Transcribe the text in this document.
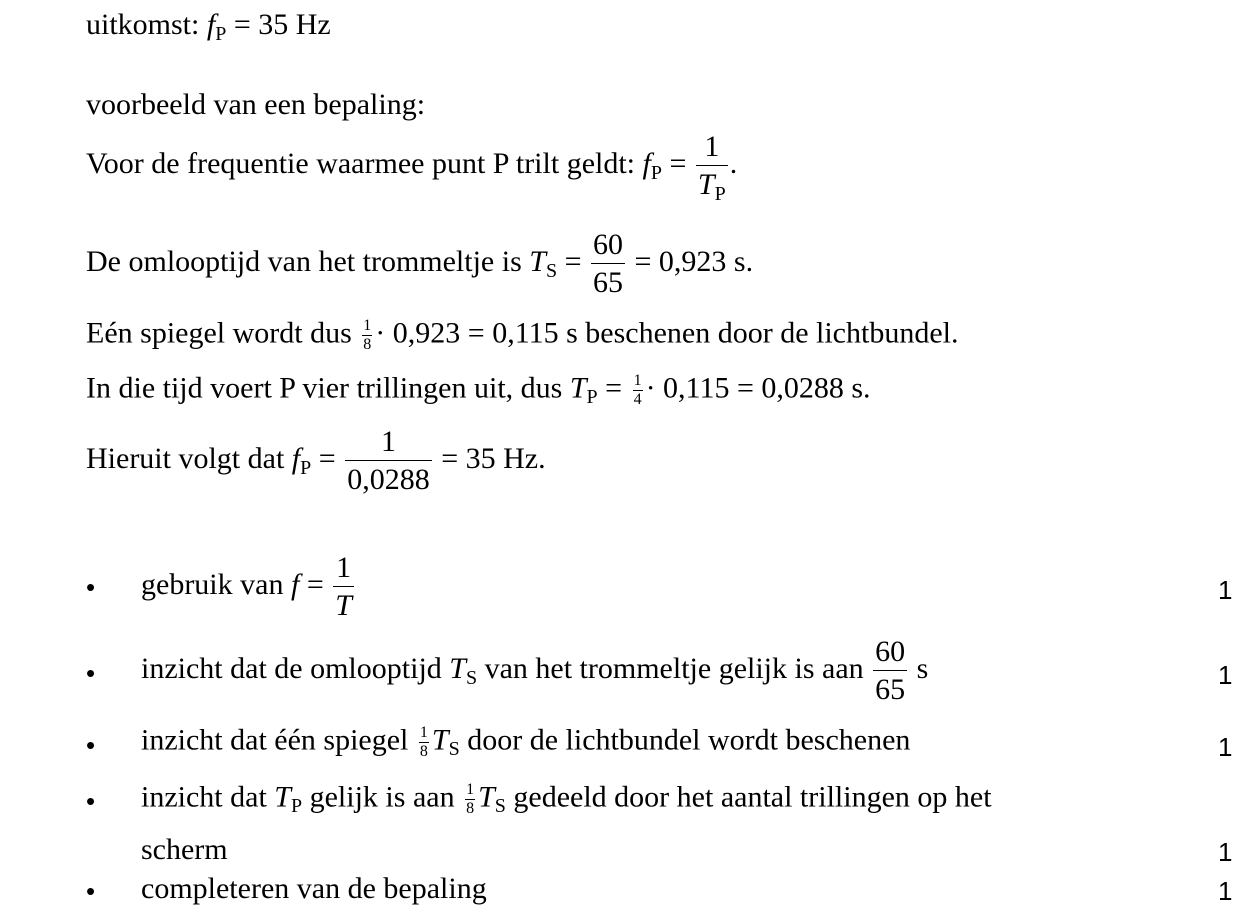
uitkomst: $f_P = 35$ Hz
voorbeeld van een bepaling:
Voor de frequentie waarmee punt P trilt geldt: $f_P = \frac{1}{T_P}$ .
De omlooptijd van het trommeltje is $T_S = \frac{60}{65} = 0,923$ s.
Eén spiegel wordt dus $\frac{1}{8} \cdot 0,923 = 0,115$ s beschenen door de lichtbundel.
In die tijd voert P vier trillingen uit, dus $T_P = \frac{1}{4} \cdot 0,115 = 0,0288$ s.
Hieruit volgt dat $f_P = \frac{1}{0,0288} = 35$ Hz.
• gebruik van $f = \frac{1}{T}$	1
• inzicht dat de omlooptijd $T_S$ van het trommeltje gelijk is aan $\frac{60}{65}$ s	1
• inzicht dat één spiegel $\frac{1}{8} T_S$ door de lichtbundel wordt beschenen	1
• inzicht dat $T_P$ gelijk is aan $\frac{1}{8} T_S$ gedeeld door het aantal trillingen op het
scherm	1
• completeren van de bepaling	1
